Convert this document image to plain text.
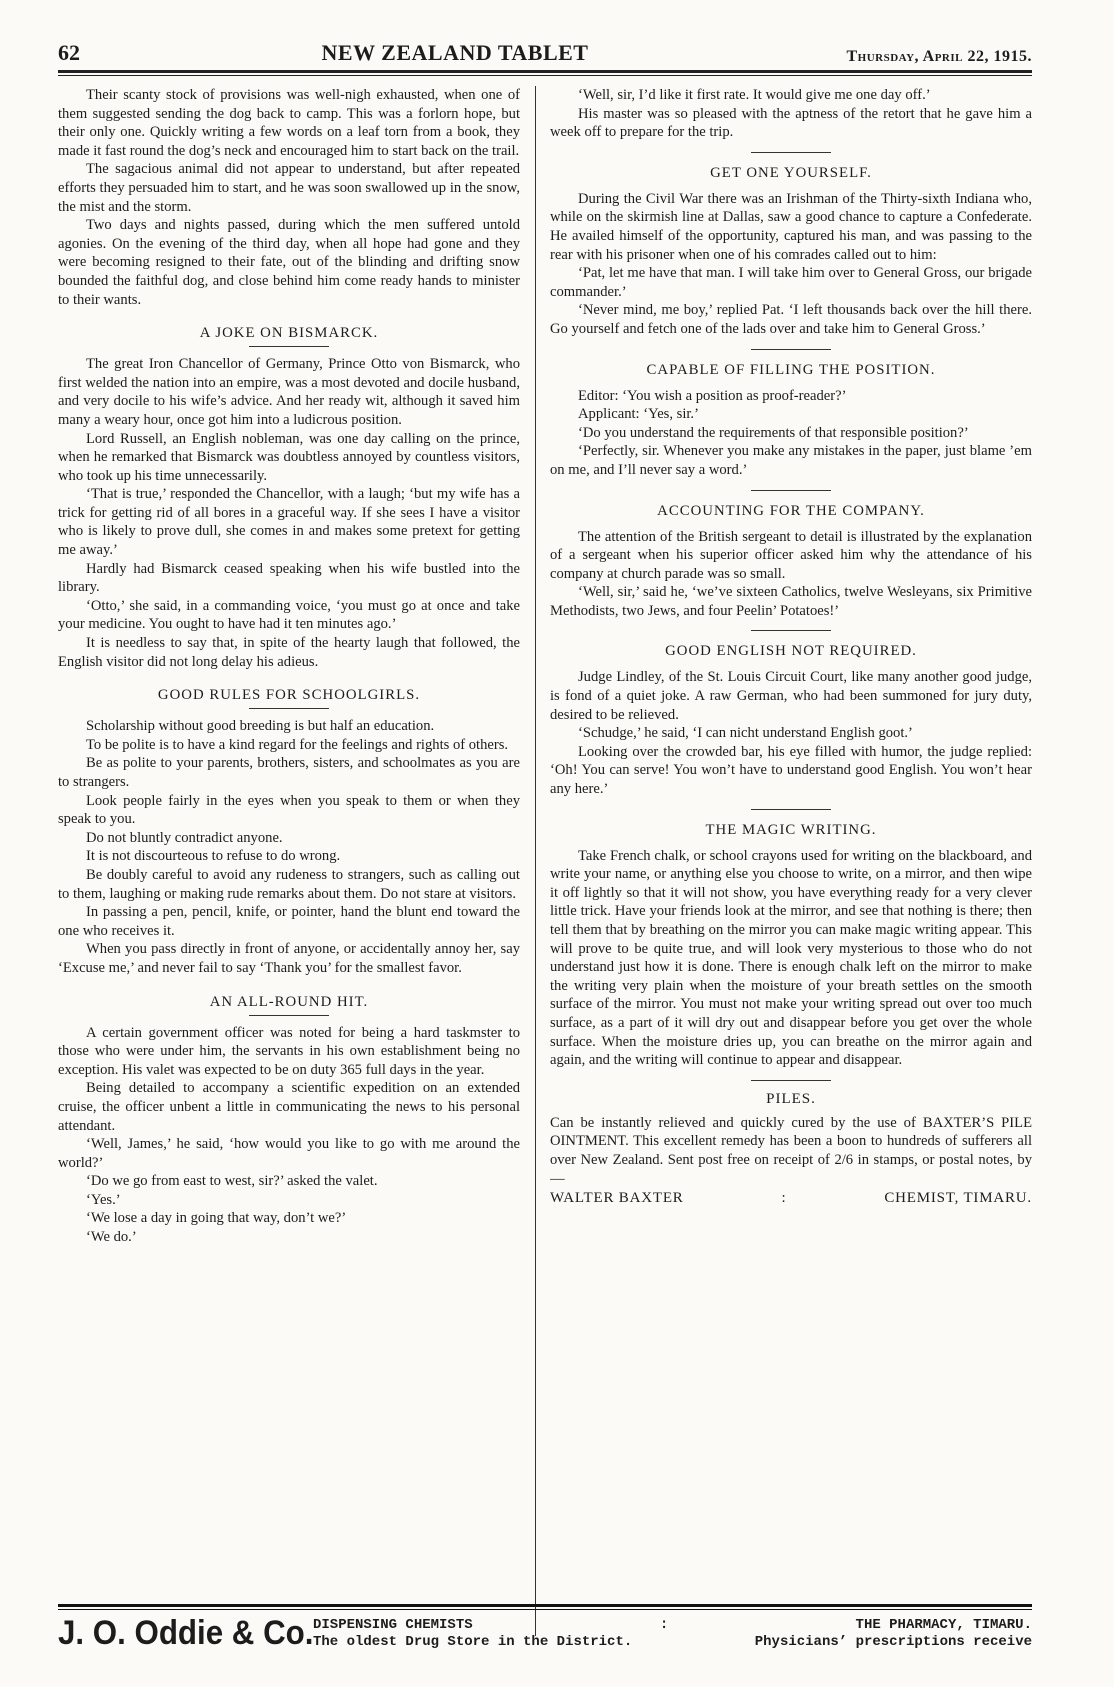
62	NEW ZEALAND TABLET	Thursday, April 22, 1915.

Their scanty stock of provisions was well-nigh exhausted, when one of them suggested sending the dog back to camp. This was a forlorn hope, but their only one. Quickly writing a few words on a leaf torn from a book, they made it fast round the dog’s neck and encouraged him to start back on the trail.

The sagacious animal did not appear to understand, but after repeated efforts they persuaded him to start, and he was soon swallowed up in the snow, the mist and the storm.

Two days and nights passed, during which the men suffered untold agonies. On the evening of the third day, when all hope had gone and they were becoming resigned to their fate, out of the blinding and drifting snow bounded the faithful dog, and close behind him come ready hands to minister to their wants.

A JOKE ON BISMARCK.

The great Iron Chancellor of Germany, Prince Otto von Bismarck, who first welded the nation into an empire, was a most devoted and docile husband, and very docile to his wife’s advice. And her ready wit, although it saved him many a weary hour, once got him into a ludicrous position.

Lord Russell, an English nobleman, was one day calling on the prince, when he remarked that Bismarck was doubtless annoyed by countless visitors, who took up his time unnecessarily.

‘That is true,’ responded the Chancellor, with a laugh; ‘but my wife has a trick for getting rid of all bores in a graceful way. If she sees I have a visitor who is likely to prove dull, she comes in and makes some pretext for getting me away.’

Hardly had Bismarck ceased speaking when his wife bustled into the library.

‘Otto,’ she said, in a commanding voice, ‘you must go at once and take your medicine. You ought to have had it ten minutes ago.’

It is needless to say that, in spite of the hearty laugh that followed, the English visitor did not long delay his adieus.

GOOD RULES FOR SCHOOLGIRLS.

Scholarship without good breeding is but half an education.

To be polite is to have a kind regard for the feelings and rights of others.

Be as polite to your parents, brothers, sisters, and schoolmates as you are to strangers.

Look people fairly in the eyes when you speak to them or when they speak to you.

Do not bluntly contradict anyone.

It is not discourteous to refuse to do wrong.

Be doubly careful to avoid any rudeness to strangers, such as calling out to them, laughing or making rude remarks about them. Do not stare at visitors.

In passing a pen, pencil, knife, or pointer, hand the blunt end toward the one who receives it.

When you pass directly in front of anyone, or accidentally annoy her, say ‘Excuse me,’ and never fail to say ‘Thank you’ for the smallest favor.

AN ALL-ROUND HIT.

A certain government officer was noted for being a hard taskmster to those who were under him, the servants in his own establishment being no exception. His valet was expected to be on duty 365 full days in the year.

Being detailed to accompany a scientific expedition on an extended cruise, the officer unbent a little in communicating the news to his personal attendant.

‘Well, James,’ he said, ‘how would you like to go with me around the world?’

‘Do we go from east to west, sir?’ asked the valet.

‘Yes.’

‘We lose a day in going that way, don’t we?’

‘We do.’

‘Well, sir, I’d like it first rate. It would give me one day off.’

His master was so pleased with the aptness of the retort that he gave him a week off to prepare for the trip.

GET ONE YOURSELF.

During the Civil War there was an Irishman of the Thirty-sixth Indiana who, while on the skirmish line at Dallas, saw a good chance to capture a Confederate. He availed himself of the opportunity, captured his man, and was passing to the rear with his prisoner when one of his comrades called out to him:

‘Pat, let me have that man. I will take him over to General Gross, our brigade commander.’

‘Never mind, me boy,’ replied Pat. ‘I left thousands back over the hill there. Go yourself and fetch one of the lads over and take him to General Gross.’

CAPABLE OF FILLING THE POSITION.

Editor: ‘You wish a position as proof-reader?’

Applicant: ‘Yes, sir.’

‘Do you understand the requirements of that responsible position?’

‘Perfectly, sir. Whenever you make any mistakes in the paper, just blame ’em on me, and I’ll never say a word.’

ACCOUNTING FOR THE COMPANY.

The attention of the British sergeant to detail is illustrated by the explanation of a sergeant when his superior officer asked him why the attendance of his company at church parade was so small.

‘Well, sir,’ said he, ‘we’ve sixteen Catholics, twelve Wesleyans, six Primitive Methodists, two Jews, and four Peelin’ Potatoes!’

GOOD ENGLISH NOT REQUIRED.

Judge Lindley, of the St. Louis Circuit Court, like many another good judge, is fond of a quiet joke. A raw German, who had been summoned for jury duty, desired to be relieved.

‘Schudge,’ he said, ‘I can nicht understand English goot.’

Looking over the crowded bar, his eye filled with humor, the judge replied: ‘Oh! You can serve! You won’t have to understand good English. You won’t hear any here.’

THE MAGIC WRITING.

Take French chalk, or school crayons used for writing on the blackboard, and write your name, or anything else you choose to write, on a mirror, and then wipe it off lightly so that it will not show, you have everything ready for a very clever little trick. Have your friends look at the mirror, and see that nothing is there; then tell them that by breathing on the mirror you can make magic writing appear. This will prove to be quite true, and will look very mysterious to those who do not understand just how it is done. There is enough chalk left on the mirror to make the writing very plain when the moisture of your breath settles on the smooth surface of the mirror. You must not make your writing spread out over too much surface, as a part of it will dry out and disappear before you get over the whole surface. When the moisture dries up, you can breathe on the mirror again and again, and the writing will continue to appear and disappear.

PILES.

Can be instantly relieved and quickly cured by the use of BAXTER’S PILE OINTMENT. This excellent remedy has been a boon to hundreds of sufferers all over New Zealand. Sent post free on receipt of 2/6 in stamps, or postal notes, by—

WALTER BAXTER	:	CHEMIST, TIMARU.
J. O. Oddie & Co. DISPENSING CHEMISTS	:	THE PHARMACY, TIMARU.
The oldest Drug Store in the District.	Physicians’ prescriptions receive
